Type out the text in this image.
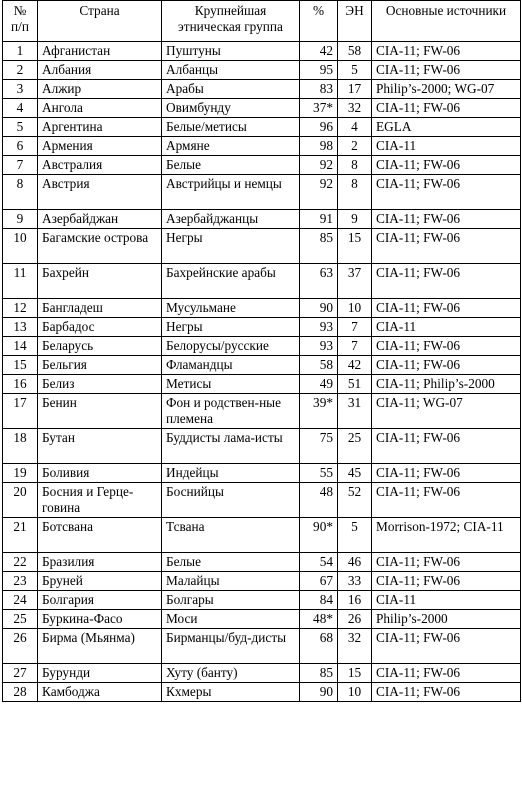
№ п/п	Страна	Крупнейшая этническая группа	%	ЭН	Основные источники
1	Афганистан	Пуштуны	42	58	CIA-11; FW-06
2	Албания	Албанцы	95	5	CIA-11; FW-06
3	Алжир	Арабы	83	17	Philip’s-2000; WG-07
4	Ангола	Овимбунду	37*	32	CIA-11; FW-06
5	Аргентина	Белые/метисы	96	4	EGLA
6	Армения	Армяне	98	2	CIA-11
7	Австралия	Белые	92	8	CIA-11; FW-06
8	Австрия	Австрийцы и немцы	92	8	CIA-11; FW-06
9	Азербайджан	Азербайджанцы	91	9	CIA-11; FW-06
10	Багамские острова	Негры	85	15	CIA-11; FW-06
11	Бахрейн	Бахрейнские арабы	63	37	CIA-11; FW-06
12	Бангладеш	Мусульмане	90	10	CIA-11; FW-06
13	Барбадос	Негры	93	7	CIA-11
14	Беларусь	Белорусы/русские	93	7	CIA-11; FW-06
15	Бельгия	Фламандцы	58	42	CIA-11; FW-06
16	Белиз	Метисы	49	51	CIA-11; Philip’s-2000
17	Бенин	Фон и родствен-ные племена	39*	31	CIA-11; WG-07
18	Бутан	Буддисты лама-исты	75	25	CIA-11; FW-06
19	Боливия	Индейцы	55	45	CIA-11; FW-06
20	Босния и Герце-говина	Боснийцы	48	52	CIA-11; FW-06
21	Ботсвана	Тсвана	90*	5	Morrison-1972; CIA-11
22	Бразилия	Белые	54	46	CIA-11; FW-06
23	Бруней	Малайцы	67	33	CIA-11; FW-06
24	Болгария	Болгары	84	16	CIA-11
25	Буркина-Фасо	Моси	48*	26	Philip’s-2000
26	Бирма (Мьянма)	Бирманцы/буд-дисты	68	32	CIA-11; FW-06
27	Бурунди	Хуту (банту)	85	15	CIA-11; FW-06
28	Камбоджа	Кхмеры	90	10	CIA-11; FW-06
